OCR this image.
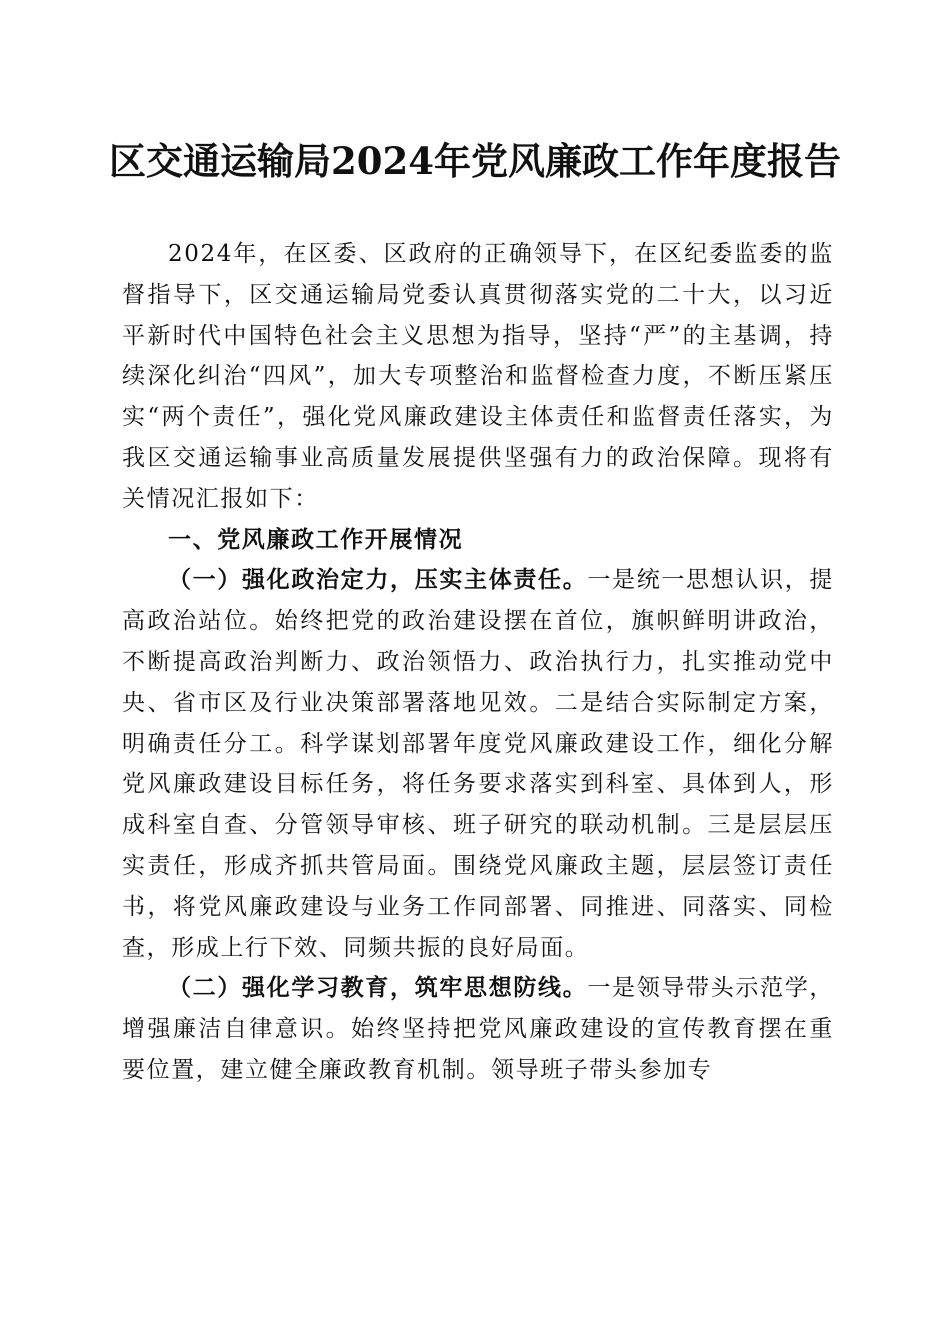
区交通运输局2024年党风廉政工作年度报告

2024年，在区委、区政府的正确领导下，在区纪委监委的监督指导下，区交通运输局党委认真贯彻落实党的二十大，以习近平新时代中国特色社会主义思想为指导，坚持“严”的主基调，持续深化纠治“四风”，加大专项整治和监督检查力度，不断压紧压实“两个责任”，强化党风廉政建设主体责任和监督责任落实，为我区交通运输事业高质量发展提供坚强有力的政治保障。现将有关情况汇报如下：

一、党风廉政工作开展情况

（一）强化政治定力，压实主体责任。一是统一思想认识，提高政治站位。始终把党的政治建设摆在首位，旗帜鲜明讲政治，不断提高政治判断力、政治领悟力、政治执行力，扎实推动党中央、省市区及行业决策部署落地见效。二是结合实际制定方案，明确责任分工。科学谋划部署年度党风廉政建设工作，细化分解党风廉政建设目标任务，将任务要求落实到科室、具体到人，形成科室自查、分管领导审核、班子研究的联动机制。三是层层压实责任，形成齐抓共管局面。围绕党风廉政主题，层层签订责任书，将党风廉政建设与业务工作同部署、同推进、同落实、同检查，形成上行下效、同频共振的良好局面。

（二）强化学习教育，筑牢思想防线。一是领导带头示范学，增强廉洁自律意识。始终坚持把党风廉政建设的宣传教育摆在重要位置，建立健全廉政教育机制。领导班子带头参加专
